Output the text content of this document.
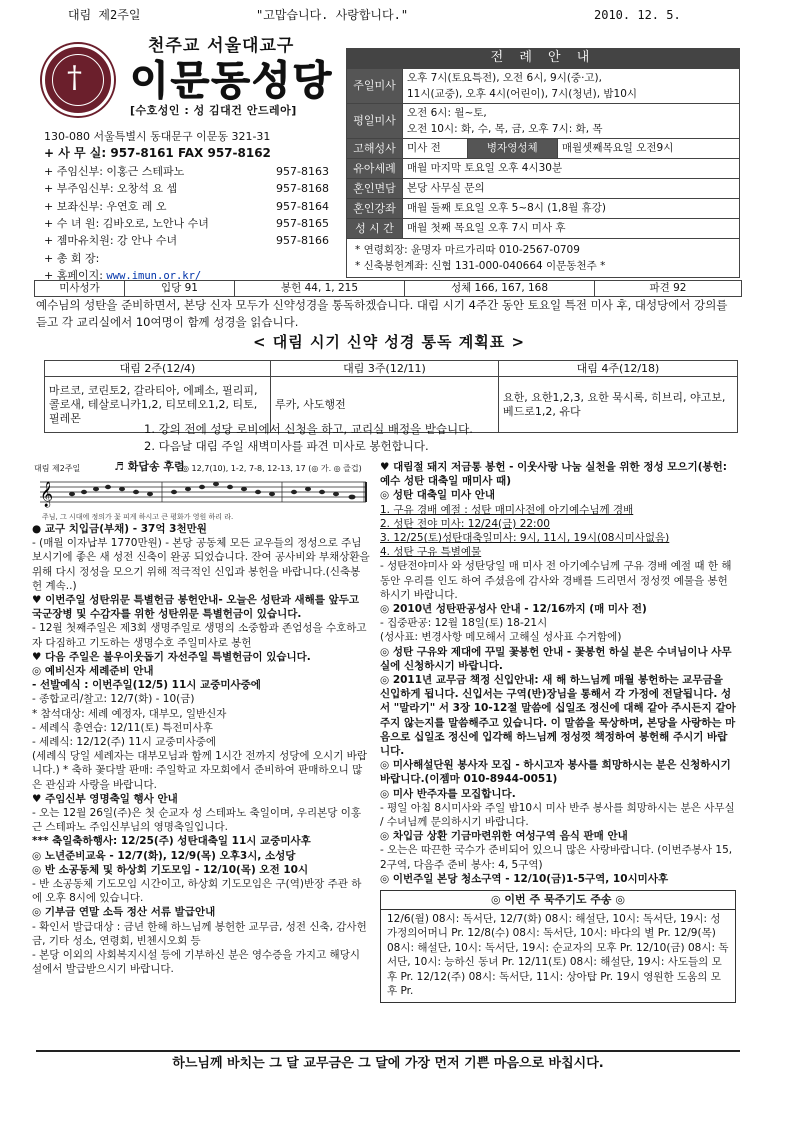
대림 제2주일	"고맙습니다. 사랑합니다."	2010. 12. 5.
†
천주교 서울대교구
이문동성당
[수호성인 : 성 김대건 안드레아]
130-080 서울특별시 동대문구 이문동 321-31
+ 사 무 실: 957-8161 FAX 957-8162
+ 주임신부: 이홍근 스테파노	957-8163
+ 부주임신부: 오창석 요 셉	957-8168
+ 보좌신부: 우연호 레 오	957-8164
+ 수 녀 원: 김바오로, 노안나 수녀	957-8165
+ 젬마유치원: 강 안나 수녀	957-8166
+ 총 회 장:
+ 홈페이지: www.imun.or.kr/
전 례 안 내			
주일미사	오후 7시(토요특전), 오전 6시, 9시(중·고),
11시(교중), 오후 4시(어린이), 7시(청년), 밤10시		

평일미사	오전 6시: 월~토,
오전 10시: 화, 수, 목, 금, 오후 7시: 화, 목		

고해성사	미사 전	병자영성체	매월셋째목요일 오전9시
유아세례	매월 마지막 토요일 오후 4시30분		
혼인면담	본당 사무실 문의		
혼인강좌	매월 둘째 토요일 오후 5~8시 (1,8월 휴강)		
성 시 간	매월 첫째 목요일 오후 7시 미사 후		

* 연령회장: 윤명자 마르가리따 010-2567-0709
* 신축봉헌계좌: 신협 131-000-040664 이문동천주 *			
미사성가	입당 91	봉헌 44, 1, 215	성체 166, 167, 168	파견 92
예수님의 성탄을 준비하면서, 본당 신자 모두가 신약성경을 통독하겠습니다. 대림 시기 4주간 동안 토요일 특전 미사 후, 대성당에서 강의를 듣고 각 교리실에서 10여명이 함께 성경을 읽습니다.
< 대림 시기 신약 성경 통독 계획표 >
대림 2주(12/4)	대림 3주(12/11)	대림 4주(12/18)
마르코, 코린토2, 갈라티아, 에페소, 필리피, 콜로새, 테살로니카1,2, 티모테오1,2, 티토, 필레몬	루카, 사도행전	요한, 요한1,2,3, 요한 묵시록, 히브리, 야고보, 베드로1,2, 유다
1. 강의 전에 성당 로비에서 신청을 하고, 교리실 배정을 받습니다.
2. 다음날 대림 주일 새벽미사를 파견 미사로 봉헌합니다.
대림 제2주일	♬ 화답송 후렴
◎ 12,7(10), 1-2, 7-8, 12-13, 17 (◎ 가. ◎ 즐겁)
𝄞
주님, 그 시대에 정의가 꽃 피게 하시고 큰 평화가 영원 하리 라.
● 교구 치입금(부채) - 37억 3천만원
- (매월 이자납부 1770만원) - 본당 공동체 모든 교우들의 정성으로 주님 보시기에 좋은 새 성전 신축이 완공 되었습니다. 잔여 공사비와 부채상환을 위해 다시 정성을 모으기 위해 적극적인 신입과 봉헌을 바랍니다.(신축봉헌 계속..)
♥ 이번주일 성탄위문 특별헌금 봉헌안내- 오늘은 성탄과 새해를 앞두고 국군장병 및 수감자를 위한 성탄위문 특별헌금이 있습니다.
- 12월 첫째주일은 제3회 생명주일로 생명의 소중함과 존엄성을 수호하고자 다짐하고 기도하는 생명수호 주일미사로 봉헌
♥ 다음 주일은 불우이웃돕기 자선주일 특별헌금이 있습니다.
◎ 예비신자 세례준비 안내
- 선발예식 : 이번주일(12/5) 11시 교중미사중에
- 종합교리/찰고: 12/7(화) - 10(금)
* 참석대상: 세례 예정자, 대부모, 일반신자
- 세례식 총연습: 12/11(토) 특전미사후
- 세례식: 12/12(주) 11시 교중미사중에
(세례식 당일 세례자는 대부모님과 함께 1시간 전까지 성당에 오시기 바랍니다.) * 축하 꽃다발 판매: 주일학교 자모회에서 준비하여 판매하오니 많은 관심과 사랑을 바랍니다.
♥ 주임신부 영명축일 행사 안내
- 오는 12월 26일(주)은 첫 순교자 성 스테파노 축일이며, 우리본당 이홍근 스테파노 주임신부님의 영명축일입니다.
*** 축일축하행사: 12/25(주) 성탄대축일 11시 교중미사후
◎ 노년준비교육 - 12/7(화), 12/9(목) 오후3시, 소성당
◎ 반 소공동체 및 하상회 기도모임 - 12/10(목) 오전 10시
- 반 소공동체 기도모임 시간이고, 하상회 기도모임은 구(역)반장 주관 하에 오후 8시에 있습니다.
◎ 기부금 연말 소득 정산 서류 발급안내
- 확인서 발급대상 : 금년 한해 하느님께 봉헌한 교무금, 성전 신축, 감사헌금, 기타 성소, 연령회, 빈첸시오회 등
- 본당 이외의 사회복지시설 등에 기부하신 분은 영수증을 가지고 해당시설에서 발급받으시기 바랍니다.
♥ 대림절 돼지 저금통 봉헌 - 이웃사랑 나눔 실천을 위한 정성 모으기(봉헌: 예수 성탄 대축일 매미사 때)
◎ 성탄 대축일 미사 안내
1. 구유 경배 예절 : 성탄 매미사전에 아기예수님께 경배
2. 성탄 전야 미사: 12/24(금) 22:00
3. 12/25(토)성탄대축일미사: 9시, 11시, 19시(08시미사없음)
4. 성탄 구유 특별예물
- 성탄전야미사 와 성탄당일 매 미사 전 아기예수님께 구유 경배 예절 때 한 해 동안 우리를 인도 하여 주셨음에 감사와 경배를 드리면서 정성껏 예물을 봉헌하시기 바랍니다.
◎ 2010년 성탄판공성사 안내 - 12/16까지 (매 미사 전)
- 집중판공: 12월 18일(토) 18-21시
(성사표: 변경사항 메모해서 고해실 성사표 수거함에)
◎ 성탄 구유와 제대에 꾸밀 꽃봉헌 안내 - 꽃봉헌 하실 분은 수녀님이나 사무실에 신청하시기 바랍니다.
◎ 2011년 교무금 책정 신입안내: 새 해 하느님께 매월 봉헌하는 교무금을 신입하게 됩니다. 신입서는 구역(반)장님을 통해서 각 가정에 전달됩니다. 성서 "말라기" 서 3장 10-12절 말씀에 십일조 정신에 대해 같아 주시든지 같아주지 않는지를 말씀해주고 있습니다. 이 말씀을 묵상하며, 본당을 사랑하는 마음으로 십일조 정신에 입각해 하느님께 정성껏 책정하여 봉헌해 주시기 바랍니다.
◎ 미사해설단원 봉사자 모집 - 하시고자 봉사를 희망하시는 분은 신청하시기 바랍니다.(이젬마 010-8944-0051)
◎ 미사 반주자를 모집합니다.
- 평일 아침 8시미사와 주일 밤10시 미사 반주 봉사를 희망하시는 분은 사무실 / 수녀님께 문의하시기 바랍니다.
◎ 차입금 상환 기금마련위한 여성구역 음식 판매 안내
- 오는은 따끈한 국수가 준비되어 있으니 많은 사랑바랍니다. (이번주봉사 15, 2구역, 다음주 준비 봉사: 4, 5구역)
◎ 이번주일 본당 청소구역 - 12/10(금)1-5구역, 10시미사후
◎ 이번 주 묵주기도 주송 ◎
12/6(월) 08시: 독서단, 12/7(화) 08시: 해설단, 10시: 독서단, 19시: 성가정의어머니 Pr. 12/8(수) 08시: 독서단, 10시: 바다의 별 Pr. 12/9(목) 08시: 해설단, 10시: 독서단, 19시: 순교자의 모후 Pr. 12/10(금) 08시: 독서단, 10시: 능하신 동녀 Pr. 12/11(토) 08시: 해설단, 19시: 사도들의 모후 Pr. 12/12(주) 08시: 독서단, 11시: 상아탑 Pr. 19시 영원한 도움의 모후 Pr.
하느님께 바치는 그 달 교무금은 그 달에 가장 먼저 기쁜 마음으로 바칩시다.
